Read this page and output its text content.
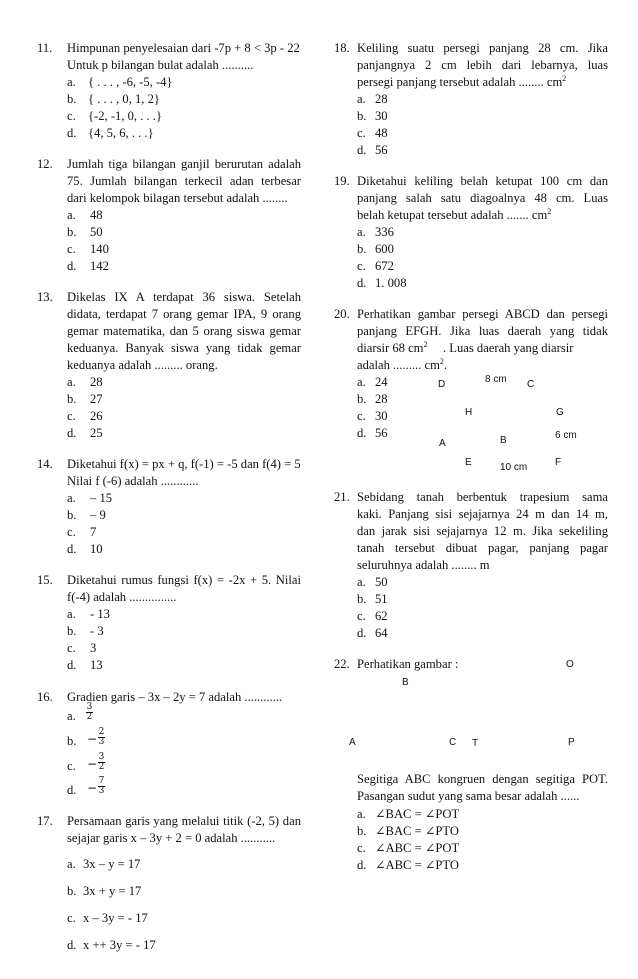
11. Himpunan penyelesaian dari -7p + 8 < 3p - 22
Untuk p bilangan bulat adalah ..........
a. { . . . , -6, -5, -4}
b. { . . . , 0, 1, 2}
c. {-2, -1, 0, . . .}
d. {4, 5, 6, . . .}
12. Jumlah tiga bilangan ganjil berurutan adalah
75. Jumlah bilangan terkecil adan terbesar
dari kelompok bilagan tersebut adalah ........
a. 48
b. 50
c. 140
d. 142
13. Dikelas IX A terdapat 36 siswa. Setelah
didata, terdapat 7 orang gemar IPA, 9 orang
gemar matematika, dan 5 orang siswa gemar
keduanya. Banyak siswa yang tidak gemar
keduanya adalah ......... orang.
a. 28
b. 27
c. 26
d. 25
14. Diketahui f(x) = px + q, f(-1) = -5 dan f(4) = 5
Nilai f (-6) adalah ............
a. – 15
b. – 9
c. 7
d. 10
15. Diketahui rumus fungsi f(x) = -2x + 5. Nilai
f(-4) adalah ...............
a. - 13
b. - 3
c. 3
d. 13
16. Gradien garis – 3x – 2y = 7 adalah ............
a.
3
2
b. − 2
3
c. − 3
2
d. − 7
3
17. Persamaan garis yang melalui titik (-2, 5) dan
sejajar garis x – 3y + 2 = 0 adalah ...........
a. 3x – y = 17
b. 3x + y = 17
c. x – 3y = - 17
d. x ++ 3y = - 17
18. Keliling suatu persegi panjang 28 cm. Jika
panjangnya 2 cm lebih dari lebarnya, luas
persegi panjang tersebut adalah ........ $cm^2$
a. 28
b. 30
c. 48
d. 56
19. Diketahui keliling belah ketupat 100 cm dan
panjang salah satu diagoalnya 48 cm. Luas
belah ketupat tersebut adalah ....... $cm^2$
a. 336
b. 600
c. 672
d. 1. 008
20. Perhatikan gambar persegi ABCD dan persegi
panjang EFGH. Jika luas daerah yang tidak
diarsir 68 $cm^2$ . Luas daerah yang diarsir
adalah ......... $cm^2$.
a. 24
b. 28
c. 30
d. 56
D	8 cm C
H	G
6 cm
A	B
E	F
10 cm
21. Sebidang tanah berbentuk trapesium sama
kaki. Panjang sisi sejajarnya 24 m dan 14 m,
dan jarak sisi sejajarnya 12 m. Jika sekeliling
tanah tersebut dibuat pagar, panjang pagar
seluruhnya adalah ........ m
a. 50
b. 51
c. 62
d. 64
22. Perhatikan gambar :
B
A	C
O
T	P
Segitiga ABC kongruen dengan segitiga POT.
Pasangan sudut yang sama besar adalah ......
a. ∠BAC = ∠POT
b. ∠BAC = ∠PTO
c. ∠ABC = ∠POT
d. ∠ABC = ∠PTO
